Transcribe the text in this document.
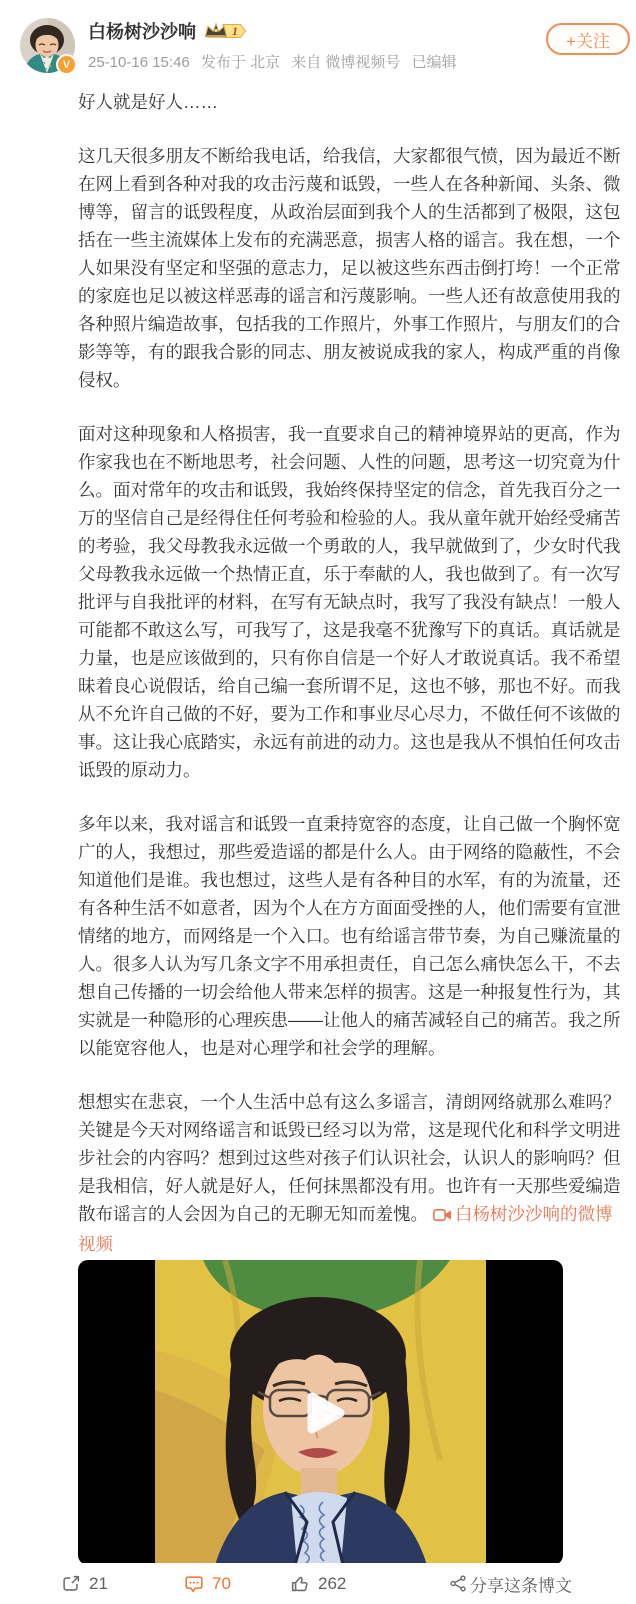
V
白杨树沙沙响	1
25-10-16 15:46 发布于 北京 来自 微博视频号 已编辑
+关注

好人就是好人……

这几天很多朋友不断给我电话，给我信，大家都很气愤，因为最近不断在网上看到各种对我的攻击污蔑和诋毁，一些人在各种新闻、头条、微博等，留言的诋毁程度，从政治层面到我个人的生活都到了极限，这包括在一些主流媒体上发布的充满恶意，损害人格的谣言。我在想，一个人如果没有坚定和坚强的意志力，足以被这些东西击倒打垮！一个正常的家庭也足以被这样恶毒的谣言和污蔑影响。一些人还有故意使用我的各种照片编造故事，包括我的工作照片，外事工作照片，与朋友们的合影等等，有的跟我合影的同志、朋友被说成我的家人，构成严重的肖像侵权。

面对这种现象和人格损害，我一直要求自己的精神境界站的更高，作为作家我也在不断地思考，社会问题、人性的问题，思考这一切究竟为什么。面对常年的攻击和诋毁，我始终保持坚定的信念，首先我百分之一万的坚信自己是经得住任何考验和检验的人。我从童年就开始经受痛苦的考验，我父母教我永远做一个勇敢的人，我早就做到了，少女时代我父母教我永远做一个热情正直，乐于奉献的人，我也做到了。有一次写批评与自我批评的材料，在写有无缺点时，我写了我没有缺点！一般人可能都不敢这么写，可我写了，这是我毫不犹豫写下的真话。真话就是力量，也是应该做到的，只有你自信是一个好人才敢说真话。我不希望昧着良心说假话，给自己编一套所谓不足，这也不够，那也不好。而我从不允许自己做的不好，要为工作和事业尽心尽力，不做任何不该做的事。这让我心底踏实，永远有前进的动力。这也是我从不惧怕任何攻击诋毁的原动力。

多年以来，我对谣言和诋毁一直秉持宽容的态度，让自己做一个胸怀宽广的人，我想过，那些爱造谣的都是什么人。由于网络的隐蔽性，不会知道他们是谁。我也想过，这些人是有各种目的水军，有的为流量，还有各种生活不如意者，因为个人在方方面面受挫的人，他们需要有宣泄情绪的地方，而网络是一个入口。也有给谣言带节奏，为自己赚流量的人。很多人认为写几条文字不用承担责任，自己怎么痛快怎么干，不去想自己传播的一切会给他人带来怎样的损害。这是一种报复性行为，其实就是一种隐形的心理疾患——让他人的痛苦减轻自己的痛苦。我之所以能宽容他人，也是对心理学和社会学的理解。

想想实在悲哀，一个人生活中总有这么多谣言，清朗网络就那么难吗？关键是今天对网络谣言和诋毁已经习以为常，这是现代化和科学文明进步社会的内容吗？想到过这些对孩子们认识社会，认识人的影响吗？但是我相信，好人就是好人，任何抹黑都没有用。也许有一天那些爱编造散布谣言的人会因为自己的无聊无知而羞愧。 白杨树沙沙响的微博视频

21	70	262	分享这条博文
